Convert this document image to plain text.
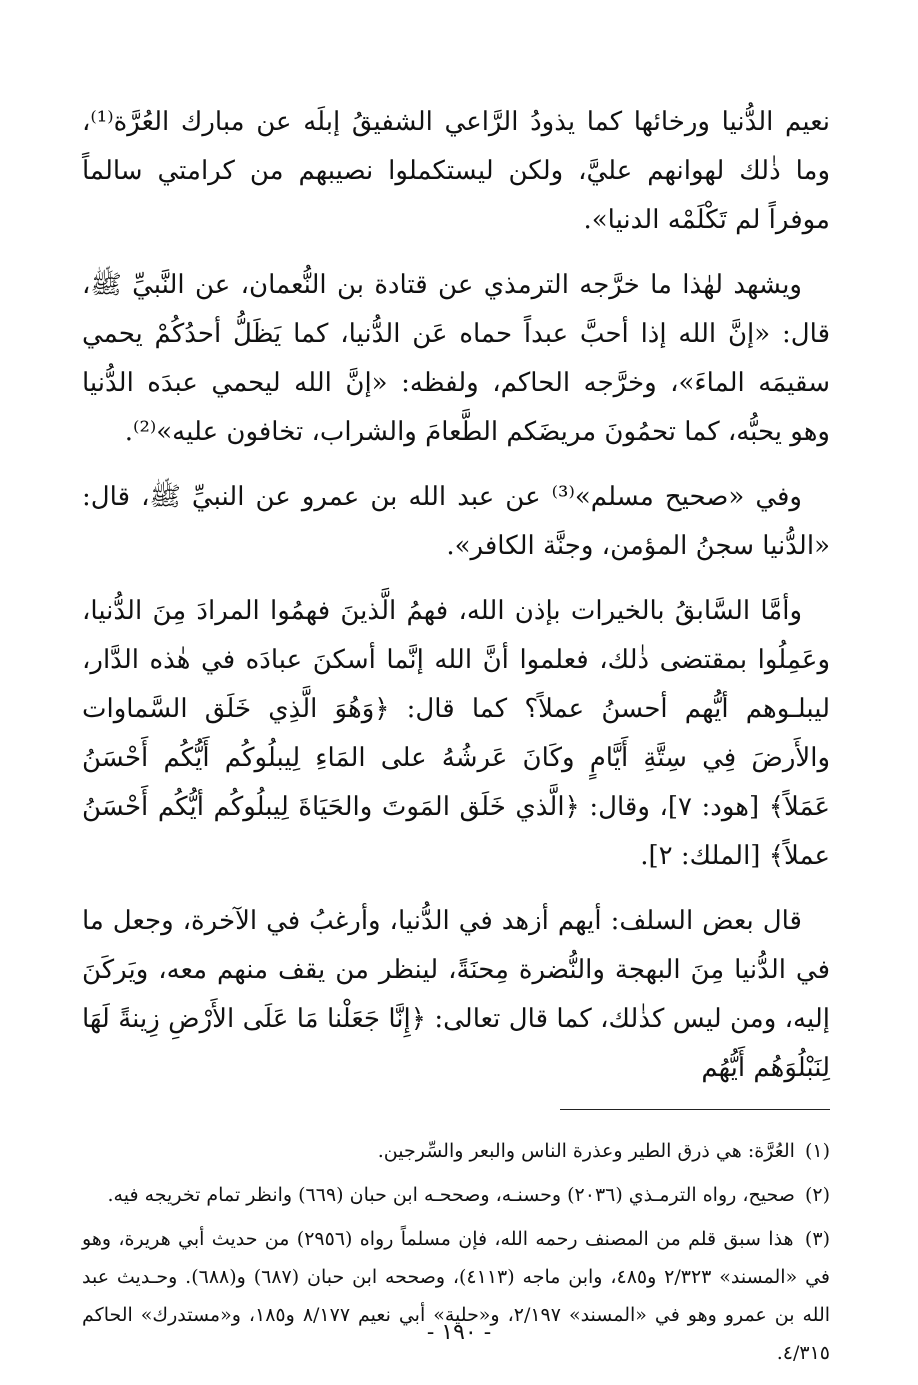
نعيم الدُّنيا ورخائها كما يذودُ الرَّاعي الشفيقُ إبلَه عن مبارك العُرَّة⁽¹⁾، وما ذٰلك لهوانهم عليَّ، ولكن ليستكملوا نصيبهم من كرامتي سالماً موفراً لم تَكْلَمْه الدنيا».

ويشهد لهٰذا ما خرَّجه الترمذي عن قتادة بن النُّعمان، عن النَّبيِّ ﷺ، قال: «إنَّ الله إذا أحبَّ عبداً حماه عَن الدُّنيا، كما يَظَلُّ أحدُكُمْ يحمي سقيمَه الماءَ»، وخرَّجه الحاكم، ولفظه: «إنَّ الله ليحمي عبدَه الدُّنيا وهو يحبُّه، كما تحمُونَ مريضَكم الطَّعامَ والشراب، تخافون عليه»⁽²⁾.

وفي «صحيح مسلم»⁽³⁾ عن عبد الله بن عمرو عن النبيِّ ﷺ، قال: «الدُّنيا سجنُ المؤمن، وجنَّة الكافر».

وأمَّا السَّابقُ بالخيرات بإذن الله، فهمُ الَّذينَ فهمُوا المرادَ مِنَ الدُّنيا، وعَمِلُوا بمقتضى ذٰلك، فعلموا أنَّ الله إنَّما أسكنَ عبادَه في هٰذه الدَّار، ليبلـوهم أيُّهم أحسنُ عملاً؟ كما قال: ﴿وَهُوَ الَّذِي خَلَق السَّماوات والأَرضَ فِي سِتَّةِ أَيَّامٍ وكَانَ عَرشُهُ على المَاءِ لِيبلُوكُم أَيُّكُم أَحْسَنُ عَمَلاً﴾ [هود: ٧]، وقال: ﴿الَّذي خَلَق المَوتَ والحَيَاةَ لِيبلُوكُم أيُّكُم أَحْسَنُ عملاً﴾ [الملك: ٢].

قال بعض السلف: أيهم أزهد في الدُّنيا، وأرغبُ في الآخرة، وجعل ما في الدُّنيا مِنَ البهجة والنُّضرة مِحنَةً، لينظر من يقف منهم معه، ويَركَنَ إليه، ومن ليس كذٰلك، كما قال تعالى: ﴿إِنَّا جَعَلْنا مَا عَلَى الأَرْضِ زِينةً لَهَا لِنَبْلُوَهُم أَيُّهُم

(١) العُرَّة: هي ذرق الطير وعذرة الناس والبعر والسِّرجين.

(٢) صحيح، رواه الترمـذي (٢٠٣٦) وحسنـه، وصححـه ابن حبان (٦٦٩) وانظر تمام تخريجه فيه.

(٣) هذا سبق قلم من المصنف رحمه الله، فإن مسلماً رواه (٢٩٥٦) من حديث أبي هريرة، وهو في «المسند» ٢/٣٢٣ و٤٨٥، وابن ماجه (٤١١٣)، وصححه ابن حبان (٦٨٧) و(٦٨٨). وحـديث عبد الله بن عمرو وهو في «المسند» ٢/١٩٧، و«حلية» أبي نعيم ٨/١٧٧ و١٨٥، و«مستدرك» الحاكم ٤/٣١٥.

- ١٩٠ -
